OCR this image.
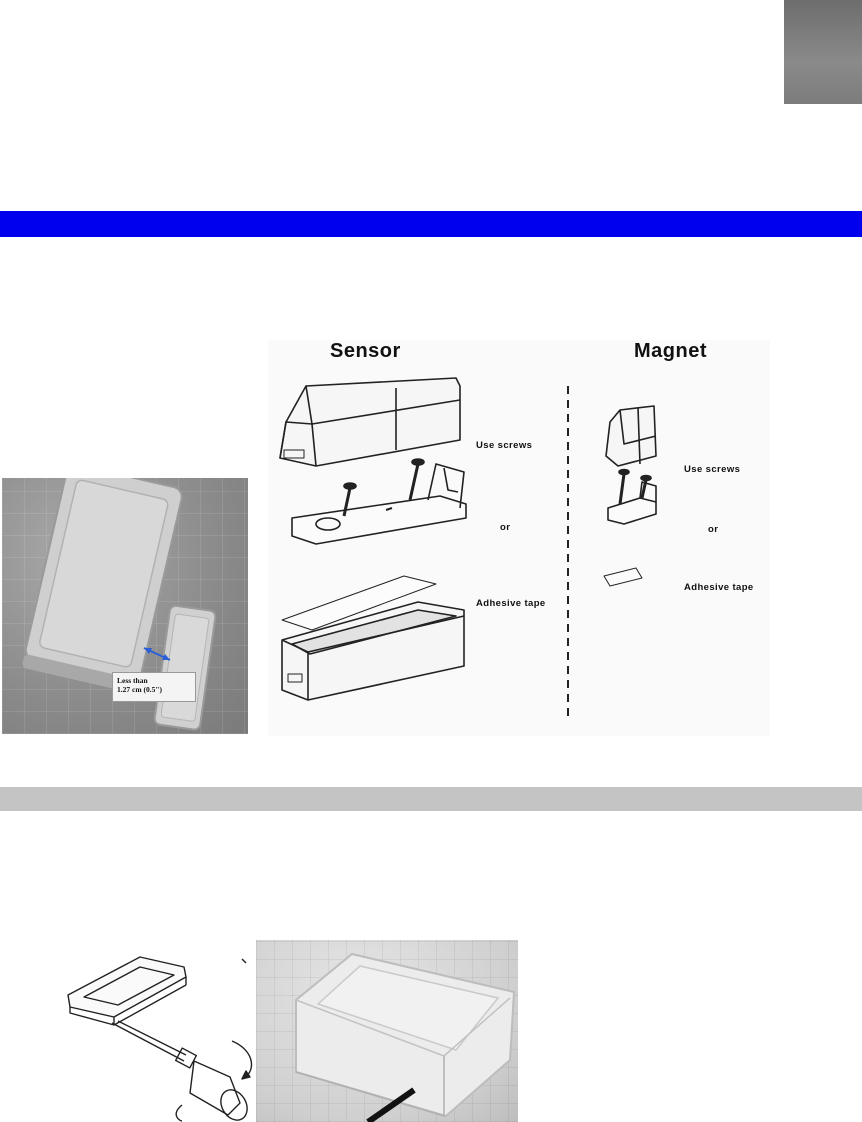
Less than
1.27 cm (0.5")
Sensor	Magnet
Use screws
or
Adhesive tape
Use screws
or
Adhesive tape
